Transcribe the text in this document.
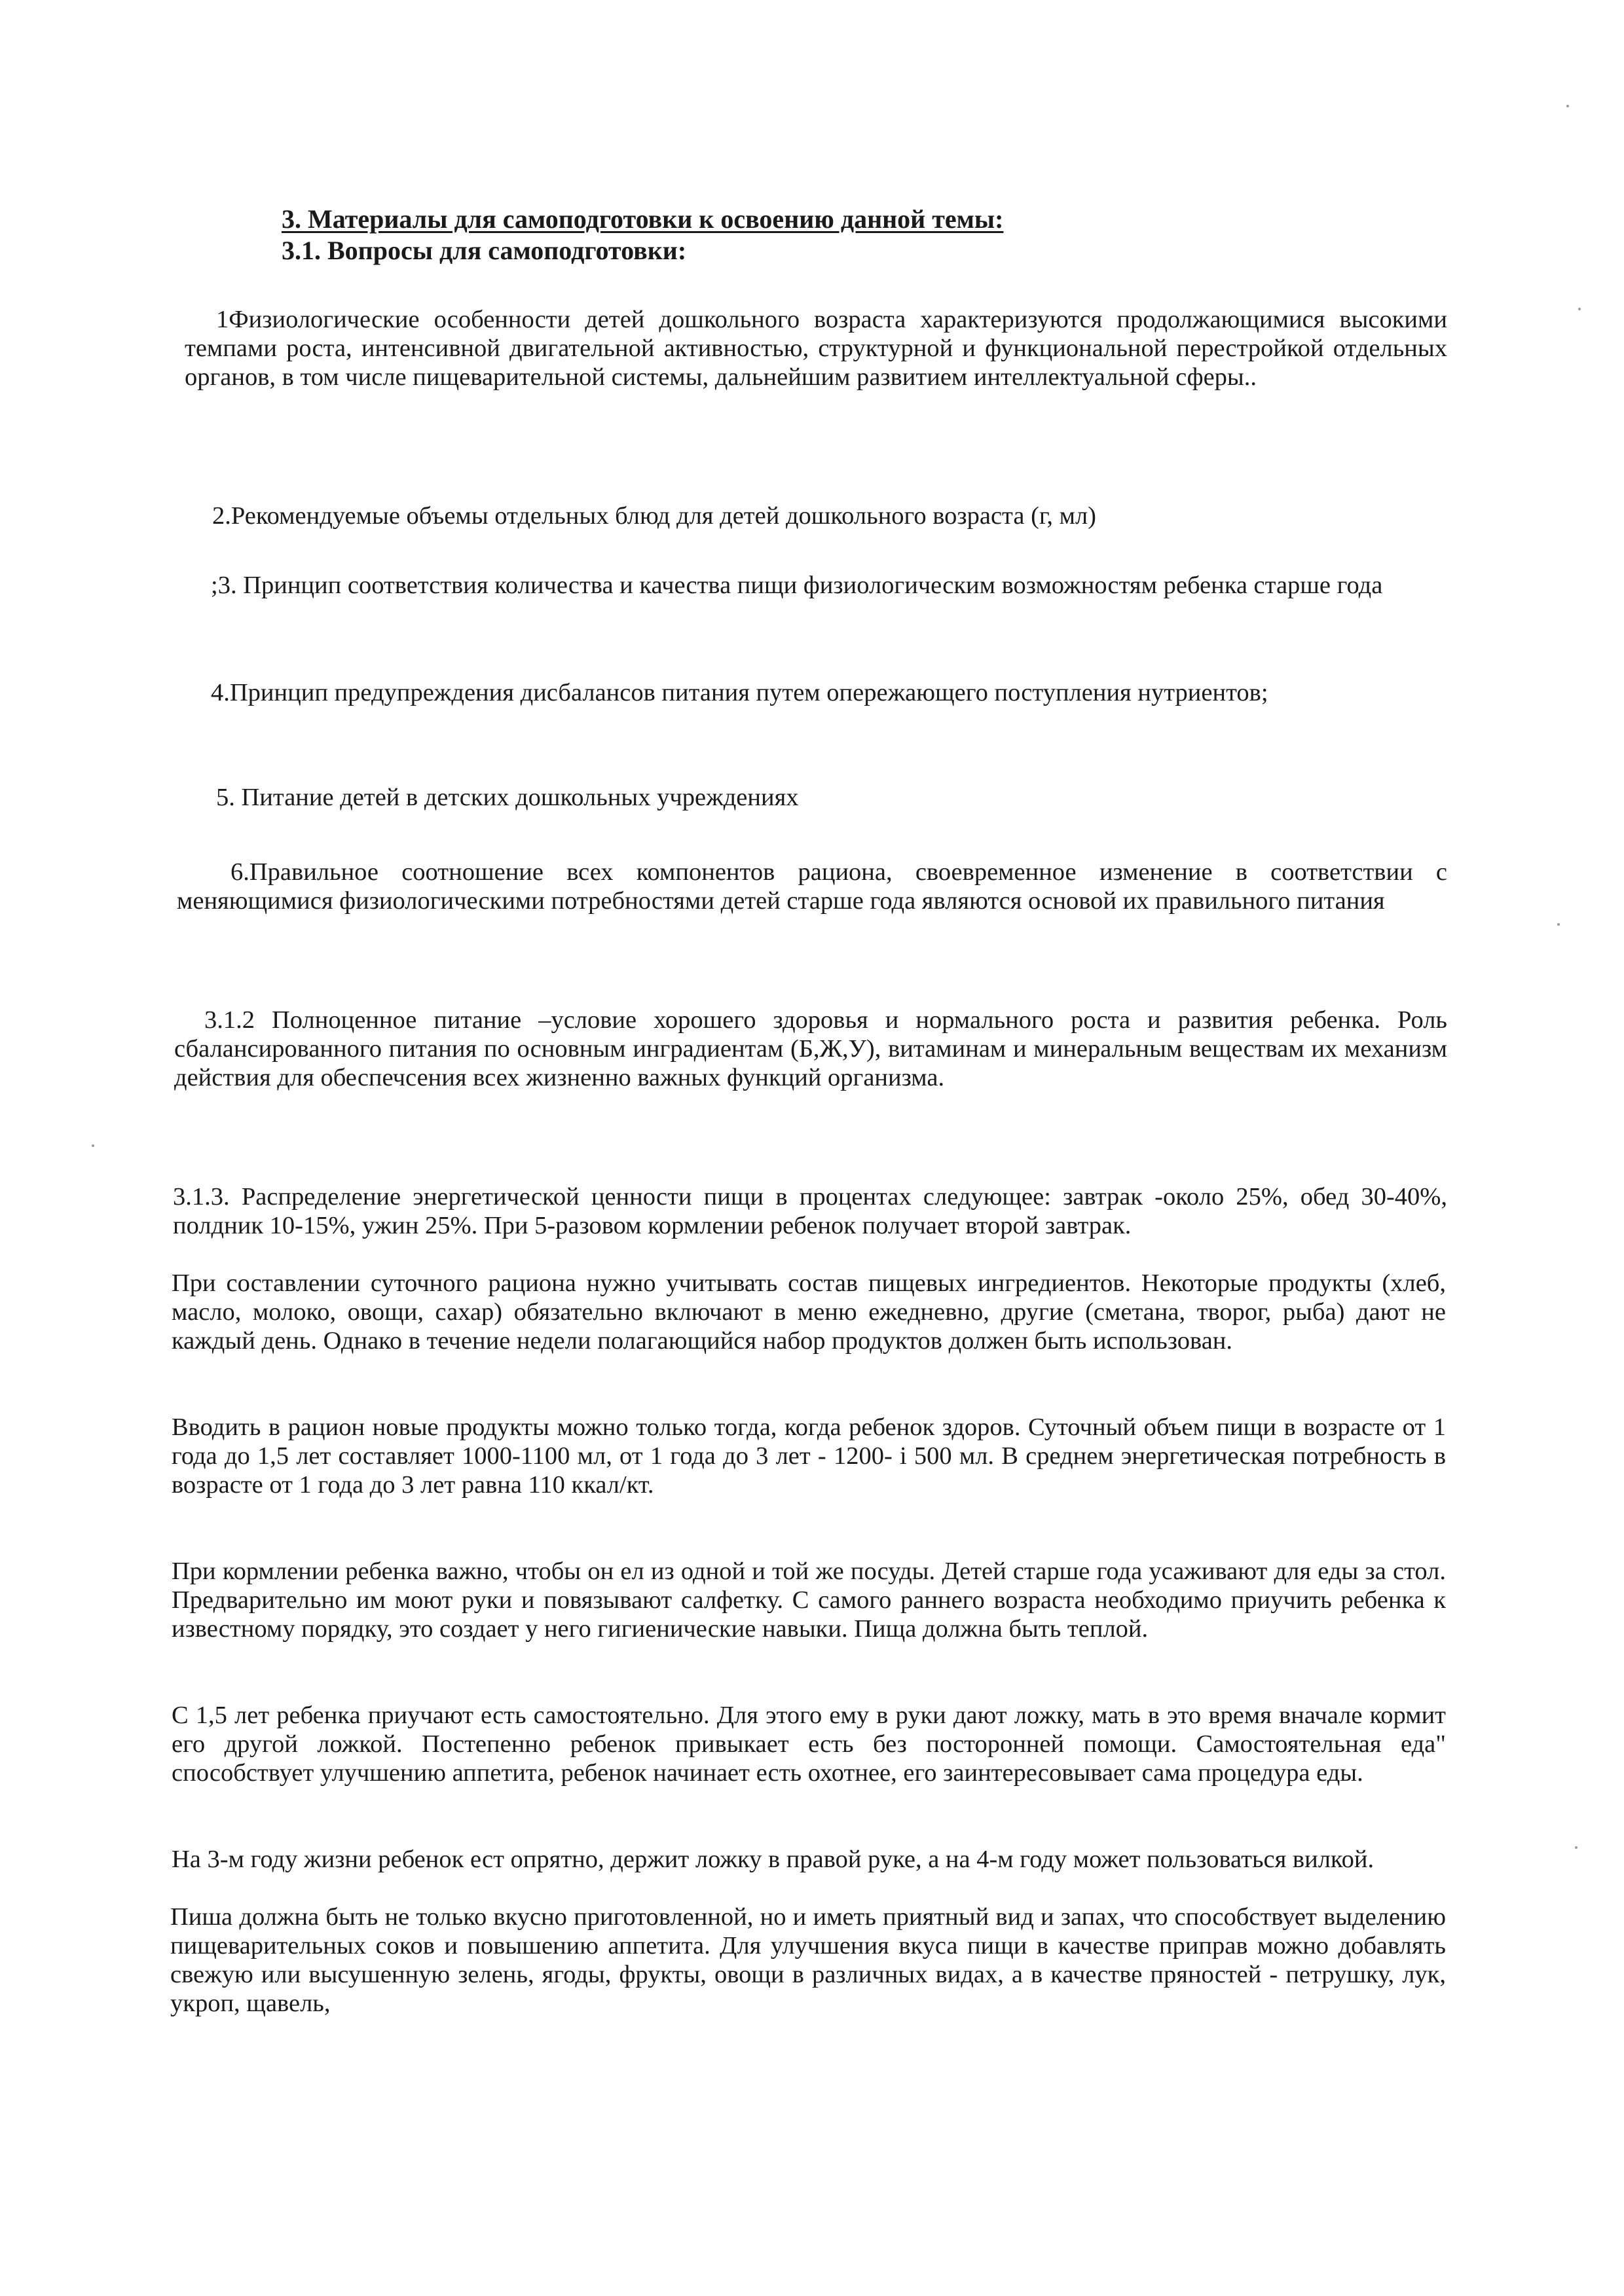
3. Материалы для самоподготовки к освоению данной темы:
3.1. Вопросы для самоподготовки:

1Физиологические особенности детей дошкольного возраста характеризуются продолжающимися высокими темпами роста, интенсивной двигательной активностью, структурной и функциональной перестройкой отдельных органов, в том числе пищеварительной системы, дальнейшим развитием интеллектуальной сферы..

2.Рекомендуемые объемы отдельных блюд для детей дошкольного возраста (г, мл)

;3. Принцип соответствия количества и качества пищи физиологическим возможностям ребенка старше года

4.Принцип предупреждения дисбалансов питания путем опережающего поступления нутриентов;

5. Питание детей в детских дошкольных учреждениях

6.Правильное соотношение всех компонентов рациона, своевременное изменение в соответствии с меняющимися физиологическими потребностями детей старше года являются основой их правильного питания

3.1.2 Полноценное питание –условие хорошего здоровья и нормального роста и развития ребенка. Роль сбалансированного питания по основным инградиентам (Б,Ж,У), витаминам и минеральным веществам их механизм действия для обеспечсения всех жизненно важных функций организма.

3.1.3. Распределение энергетической ценности пищи в процентах следующее: завтрак -около 25%, обед 30-40%, полдник 10-15%, ужин 25%. При 5-разовом кормлении ребенок получает второй завтрак.

При составлении суточного рациона нужно учитывать состав пищевых ингредиентов. Некоторые продукты (хлеб, масло, молоко, овощи, сахар) обязательно включают в меню ежедневно, другие (сметана, творог, рыба) дают не каждый день. Однако в течение недели полагающийся набор продуктов должен быть использован.

Вводить в рацион новые продукты можно только тогда, когда ребенок здоров. Суточный объем пищи в возрасте от 1 года до 1,5 лет составляет 1000-1100 мл, от 1 года до 3 лет - 1200- і 500 мл. В среднем энергетическая потребность в возрасте от 1 года до 3 лет равна 110 ккал/кт.

При кормлении ребенка важно, чтобы он ел из одной и той же посуды. Детей старше года усаживают для еды за стол. Предварительно им моют руки и повязывают салфетку. С самого раннего возраста необходимо приучить ребенка к известному порядку, это создает у него гигиенические навыки. Пища должна быть теплой.

С 1,5 лет ребенка приучают есть самостоятельно. Для этого ему в руки дают ложку, мать в это время вначале кормит его другой ложкой. Постепенно ребенок привыкает есть без посторонней помощи. Самостоятельная еда" способствует улучшению аппетита, ребенок начинает есть охотнее, его заинтересовывает сама процедура еды.

На 3-м году жизни ребенок ест опрятно, держит ложку в правой руке, а на 4-м году может пользоваться вилкой.

Пиша должна быть не только вкусно приготовленной, но и иметь приятный вид и запах, что способствует выделению пищеварительных соков и повышению аппетита. Для улучшения вкуса пищи в качестве приправ можно добавлять свежую или высушенную зелень, ягоды, фрукты, овощи в различных видах, а в качестве пряностей - петрушку, лук, укроп, щавель,
